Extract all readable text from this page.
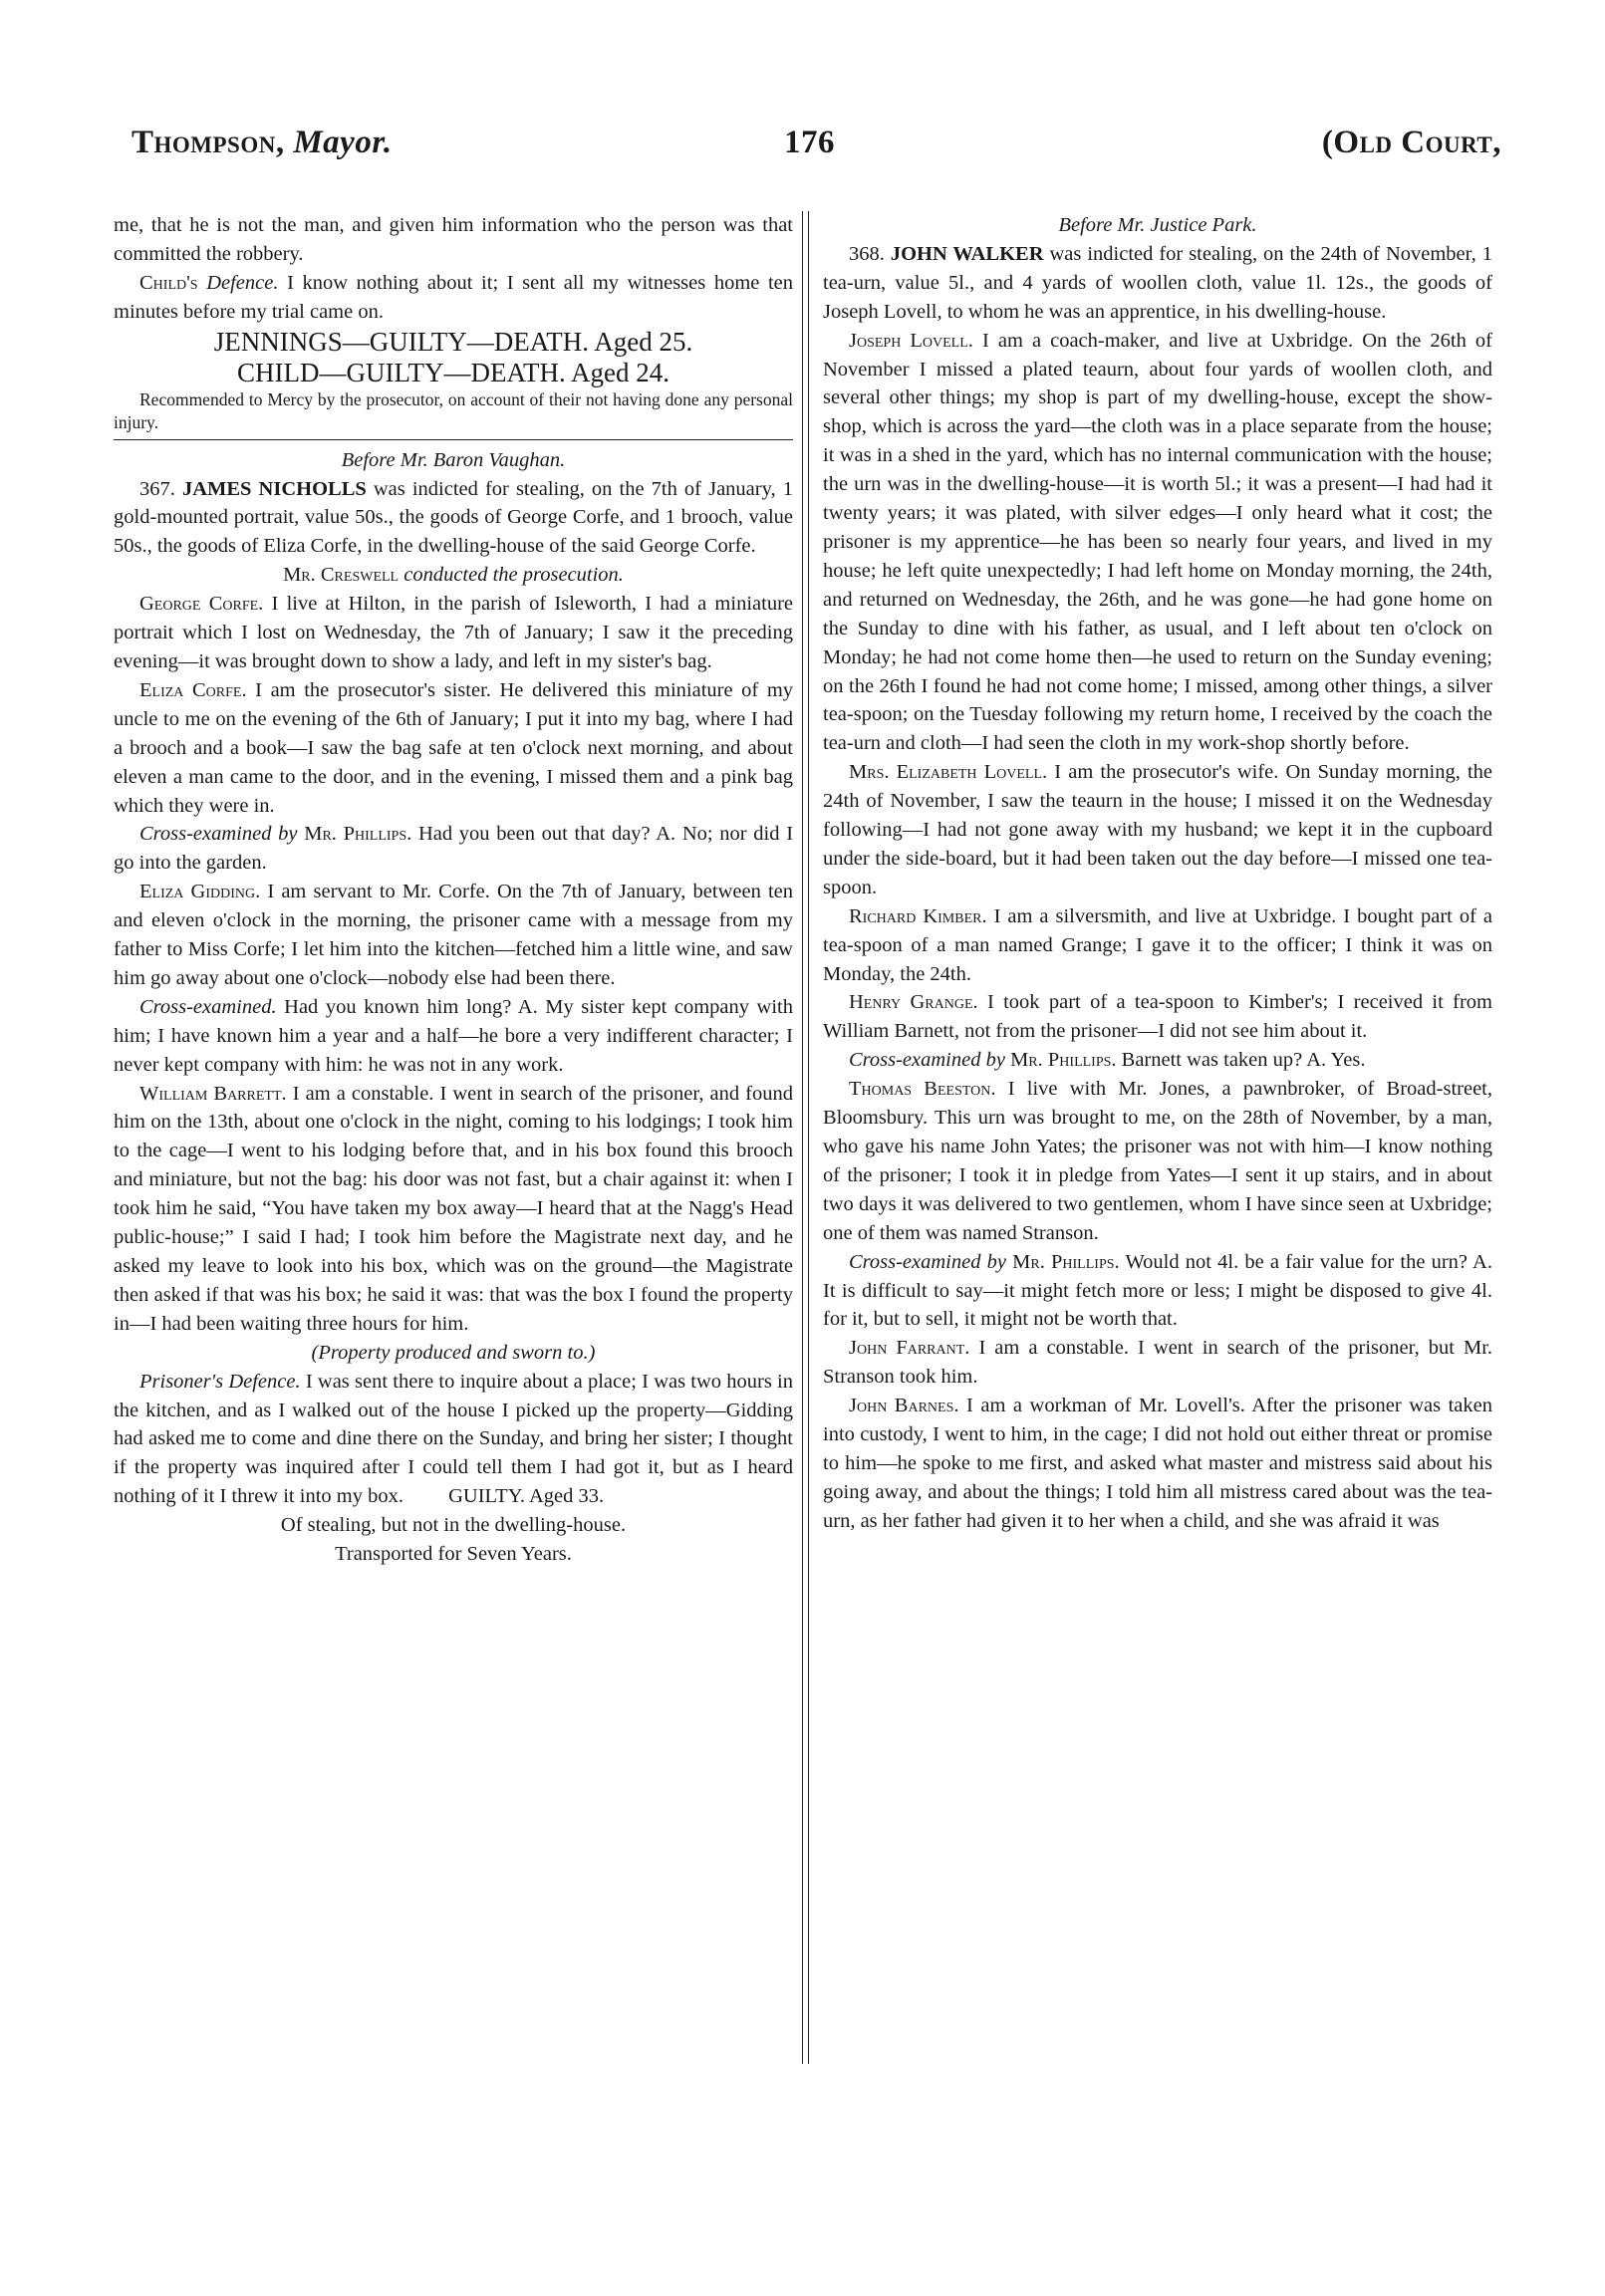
Thompson, Mayor.	176	(Old Court,

me, that he is not the man, and given him information who the person was that committed the robbery.

Child's Defence. I know nothing about it; I sent all my witnesses home ten minutes before my trial came on.

JENNINGS—GUILTY—DEATH. Aged 25.

CHILD—GUILTY—DEATH. Aged 24.

Recommended to Mercy by the prosecutor, on account of their not having done any personal injury.

Before Mr. Baron Vaughan.

367. JAMES NICHOLLS was indicted for stealing, on the 7th of January, 1 gold-mounted portrait, value 50s., the goods of George Corfe, and 1 brooch, value 50s., the goods of Eliza Corfe, in the dwelling-house of the said George Corfe.

Mr. Creswell conducted the prosecution.

George Corfe. I live at Hilton, in the parish of Isleworth, I had a miniature portrait which I lost on Wednesday, the 7th of January; I saw it the preceding evening—it was brought down to show a lady, and left in my sister's bag.

Eliza Corfe. I am the prosecutor's sister. He delivered this miniature of my uncle to me on the evening of the 6th of January; I put it into my bag, where I had a brooch and a book—I saw the bag safe at ten o'clock next morning, and about eleven a man came to the door, and in the evening, I missed them and a pink bag which they were in.

Cross-examined by Mr. Phillips. Had you been out that day? A. No; nor did I go into the garden.

Eliza Gidding. I am servant to Mr. Corfe. On the 7th of January, between ten and eleven o'clock in the morning, the prisoner came with a message from my father to Miss Corfe; I let him into the kitchen—fetched him a little wine, and saw him go away about one o'clock—nobody else had been there.

Cross-examined. Had you known him long? A. My sister kept company with him; I have known him a year and a half—he bore a very indifferent character; I never kept company with him: he was not in any work.

William Barrett. I am a constable. I went in search of the prisoner, and found him on the 13th, about one o'clock in the night, coming to his lodgings; I took him to the cage—I went to his lodging before that, and in his box found this brooch and miniature, but not the bag: his door was not fast, but a chair against it: when I took him he said, “You have taken my box away—I heard that at the Nagg's Head public-house;” I said I had; I took him before the Magistrate next day, and he asked my leave to look into his box, which was on the ground—the Magistrate then asked if that was his box; he said it was: that was the box I found the property in—I had been waiting three hours for him.

(Property produced and sworn to.)

Prisoner's Defence. I was sent there to inquire about a place; I was two hours in the kitchen, and as I walked out of the house I picked up the property—Gidding had asked me to come and dine there on the Sunday, and bring her sister; I thought if the property was inquired after I could tell them I had got it, but as I heard nothing of it I threw it into my box. GUILTY. Aged 33.

Of stealing, but not in the dwelling-house.

Transported for Seven Years.

Before Mr. Justice Park.

368. JOHN WALKER was indicted for stealing, on the 24th of November, 1 tea-urn, value 5l., and 4 yards of woollen cloth, value 1l. 12s., the goods of Joseph Lovell, to whom he was an apprentice, in his dwelling-house.

Joseph Lovell. I am a coach-maker, and live at Uxbridge. On the 26th of November I missed a plated teaurn, about four yards of woollen cloth, and several other things; my shop is part of my dwelling-house, except the show-shop, which is across the yard—the cloth was in a place separate from the house; it was in a shed in the yard, which has no internal communication with the house; the urn was in the dwelling-house—it is worth 5l.; it was a present—I had had it twenty years; it was plated, with silver edges—I only heard what it cost; the prisoner is my apprentice—he has been so nearly four years, and lived in my house; he left quite unexpectedly; I had left home on Monday morning, the 24th, and returned on Wednesday, the 26th, and he was gone—he had gone home on the Sunday to dine with his father, as usual, and I left about ten o'clock on Monday; he had not come home then—he used to return on the Sunday evening; on the 26th I found he had not come home; I missed, among other things, a silver tea-spoon; on the Tuesday following my return home, I received by the coach the tea-urn and cloth—I had seen the cloth in my work-shop shortly before.

Mrs. Elizabeth Lovell. I am the prosecutor's wife. On Sunday morning, the 24th of November, I saw the teaurn in the house; I missed it on the Wednesday following—I had not gone away with my husband; we kept it in the cupboard under the side-board, but it had been taken out the day before—I missed one tea-spoon.

Richard Kimber. I am a silversmith, and live at Uxbridge. I bought part of a tea-spoon of a man named Grange; I gave it to the officer; I think it was on Monday, the 24th.

Henry Grange. I took part of a tea-spoon to Kimber's; I received it from William Barnett, not from the prisoner—I did not see him about it.

Cross-examined by Mr. Phillips. Barnett was taken up? A. Yes.

Thomas Beeston. I live with Mr. Jones, a pawnbroker, of Broad-street, Bloomsbury. This urn was brought to me, on the 28th of November, by a man, who gave his name John Yates; the prisoner was not with him—I know nothing of the prisoner; I took it in pledge from Yates—I sent it up stairs, and in about two days it was delivered to two gentlemen, whom I have since seen at Uxbridge; one of them was named Stranson.

Cross-examined by Mr. Phillips. Would not 4l. be a fair value for the urn? A. It is difficult to say—it might fetch more or less; I might be disposed to give 4l. for it, but to sell, it might not be worth that.

John Farrant. I am a constable. I went in search of the prisoner, but Mr. Stranson took him.

John Barnes. I am a workman of Mr. Lovell's. After the prisoner was taken into custody, I went to him, in the cage; I did not hold out either threat or promise to him—he spoke to me first, and asked what master and mistress said about his going away, and about the things; I told him all mistress cared about was the tea-urn, as her father had given it to her when a child, and she was afraid it was
